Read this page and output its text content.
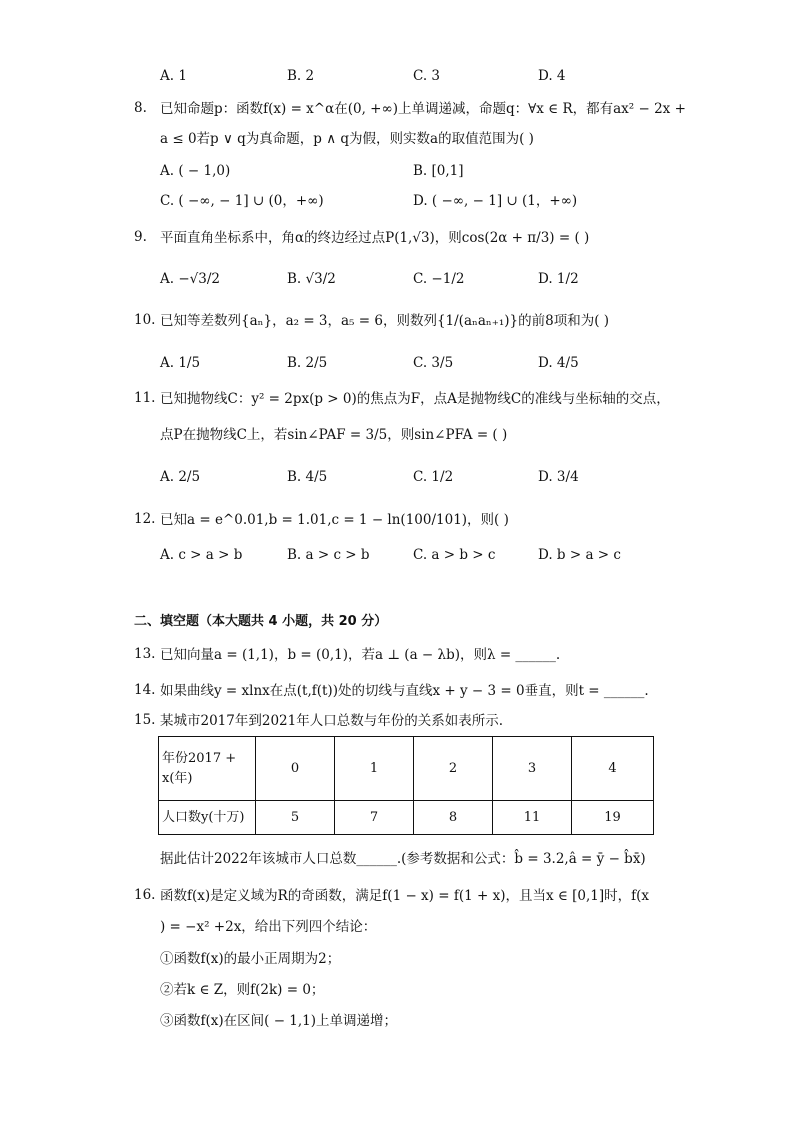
A. 1	B. 2	C. 3	D. 4
8. 已知命题p：函数f(x) = x^α在(0, +∞)上单调递减，命题q：∀x ∈ R，都有ax² − 2x +
a ≤ 0若p ∨ q为真命题，p ∧ q为假，则实数a的取值范围为( )
A. ( − 1,0)	B. [0,1]
C. ( −∞, − 1] ∪ (0，+∞)	D. ( −∞, − 1] ∪ (1，+∞)
9. 平面直角坐标系中，角α的终边经过点P(1,√3)，则cos(2α + π/3) = ( )
A. −√3/2	B. √3/2	C. −1/2	D. 1/2
10. 已知等差数列{aₙ}，a₂ = 3，a₅ = 6，则数列{1/(aₙaₙ₊₁)}的前8项和为( )
A. 1/5	B. 2/5	C. 3/5	D. 4/5
11. 已知抛物线C：y² = 2px(p > 0)的焦点为F，点A是抛物线C的准线与坐标轴的交点，
点P在抛物线C上，若sin∠PAF = 3/5，则sin∠PFA = ( )
A. 2/5	B. 4/5	C. 1/2	D. 3/4
12. 已知a = e^0.01,b = 1.01,c = 1 − ln(100/101)，则( )
A. c > a > b	B. a > c > b	C. a > b > c	D. b > a > c
二、填空题（本大题共 4 小题，共 20 分）
13. 已知向量a = (1,1)，b = (0,1)，若a ⊥ (a − λb)，则λ = ______.
14. 如果曲线y = xlnx在点(t,f(t))处的切线与直线x + y − 3 = 0垂直，则t = ______.
15. 某城市2017年到2021年人口总数与年份的关系如表所示.
年份2017 + x(年)	0	1	2	3	4
人口数y(十万)	5	7	8	11	19
据此估计2022年该城市人口总数______.(参考数据和公式：b̂ = 3.2,â = ȳ − b̂x̄)
16. 函数f(x)是定义域为R的奇函数，满足f(1 − x) = f(1 + x)，且当x ∈ [0,1]时，f(x
) = −x² +2x，给出下列四个结论：
①函数f(x)的最小正周期为2；
②若k ∈ Z，则f(2k) = 0；
③函数f(x)在区间( − 1,1)上单调递增；
